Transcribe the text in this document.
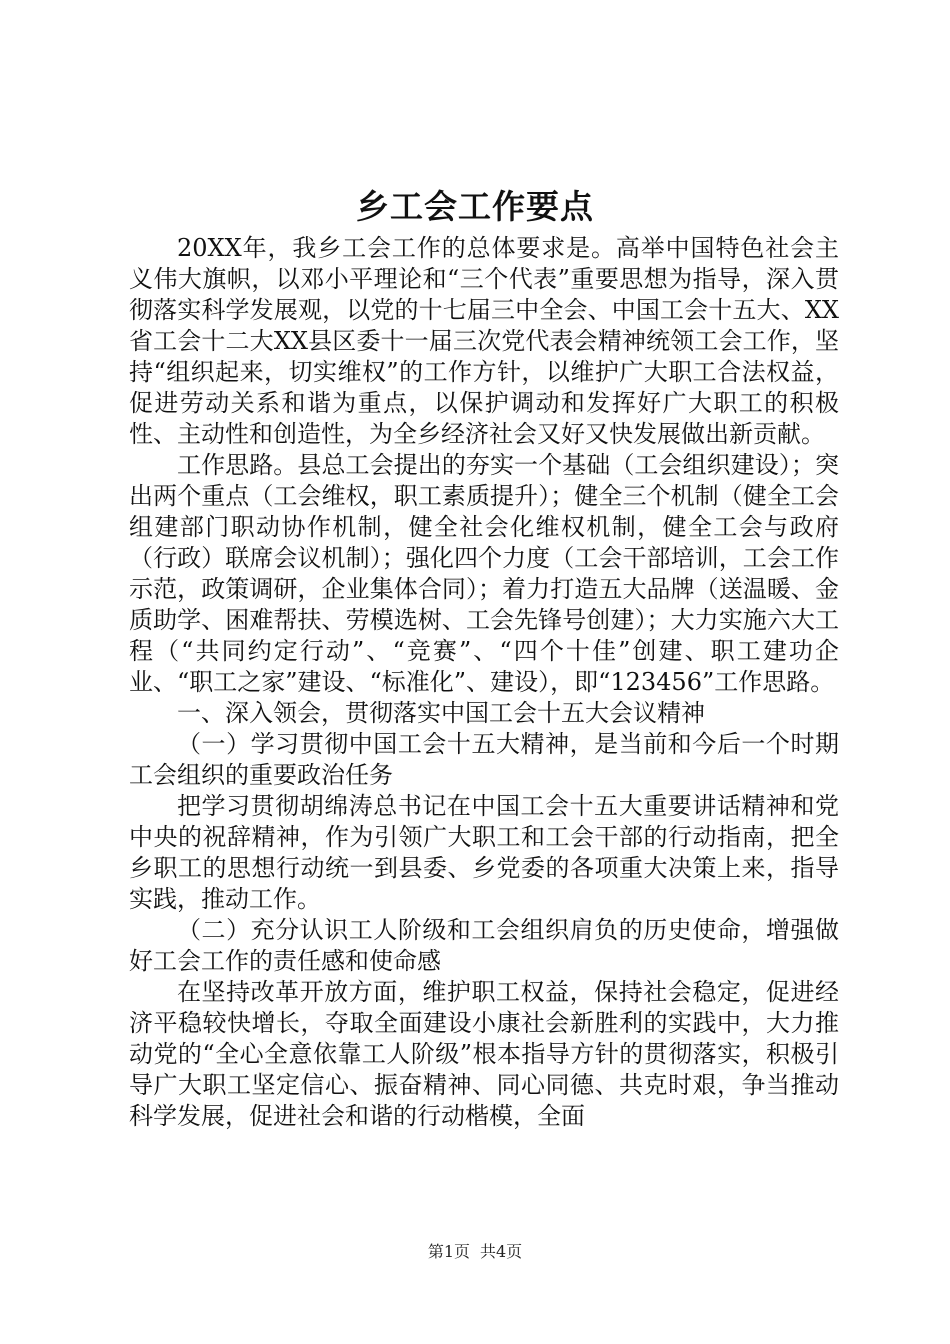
乡工会工作要点

20XX年，我乡工会工作的总体要求是。高举中国特色社会主义伟大旗帜，以邓小平理论和“三个代表”重要思想为指导，深入贯彻落实科学发展观，以党的十七届三中全会、中国工会十五大、XX省工会十二大XX县区委十一届三次党代表会精神统领工会工作，坚持“组织起来，切实维权”的工作方针，以维护广大职工合法权益，促进劳动关系和谐为重点，以保护调动和发挥好广大职工的积极性、主动性和创造性，为全乡经济社会又好又快发展做出新贡献。

工作思路。县总工会提出的夯实一个基础（工会组织建设）；突出两个重点（工会维权，职工素质提升）；健全三个机制（健全工会组建部门职动协作机制，健全社会化维权机制，健全工会与政府（行政）联席会议机制）；强化四个力度（工会干部培训，工会工作示范，政策调研，企业集体合同）；着力打造五大品牌（送温暖、金质助学、困难帮扶、劳模选树、工会先锋号创建）；大力实施六大工程（“共同约定行动”、“竞赛”、“四个十佳”创建、职工建功企业、“职工之家”建设、“标准化”、建设），即“123456”工作思路。

一、深入领会，贯彻落实中国工会十五大会议精神

（一）学习贯彻中国工会十五大精神，是当前和今后一个时期工会组织的重要政治任务

把学习贯彻胡绵涛总书记在中国工会十五大重要讲话精神和党中央的祝辞精神，作为引领广大职工和工会干部的行动指南，把全乡职工的思想行动统一到县委、乡党委的各项重大决策上来，指导实践，推动工作。

（二）充分认识工人阶级和工会组织肩负的历史使命，增强做好工会工作的责任感和使命感

在坚持改革开放方面，维护职工权益，保持社会稳定，促进经济平稳较快增长，夺取全面建设小康社会新胜利的实践中，大力推动党的“全心全意依靠工人阶级”根本指导方针的贯彻落实，积极引导广大职工坚定信心、振奋精神、同心同德、共克时艰，争当推动科学发展，促进社会和谐的行动楷模，全面

第1页 共4页
